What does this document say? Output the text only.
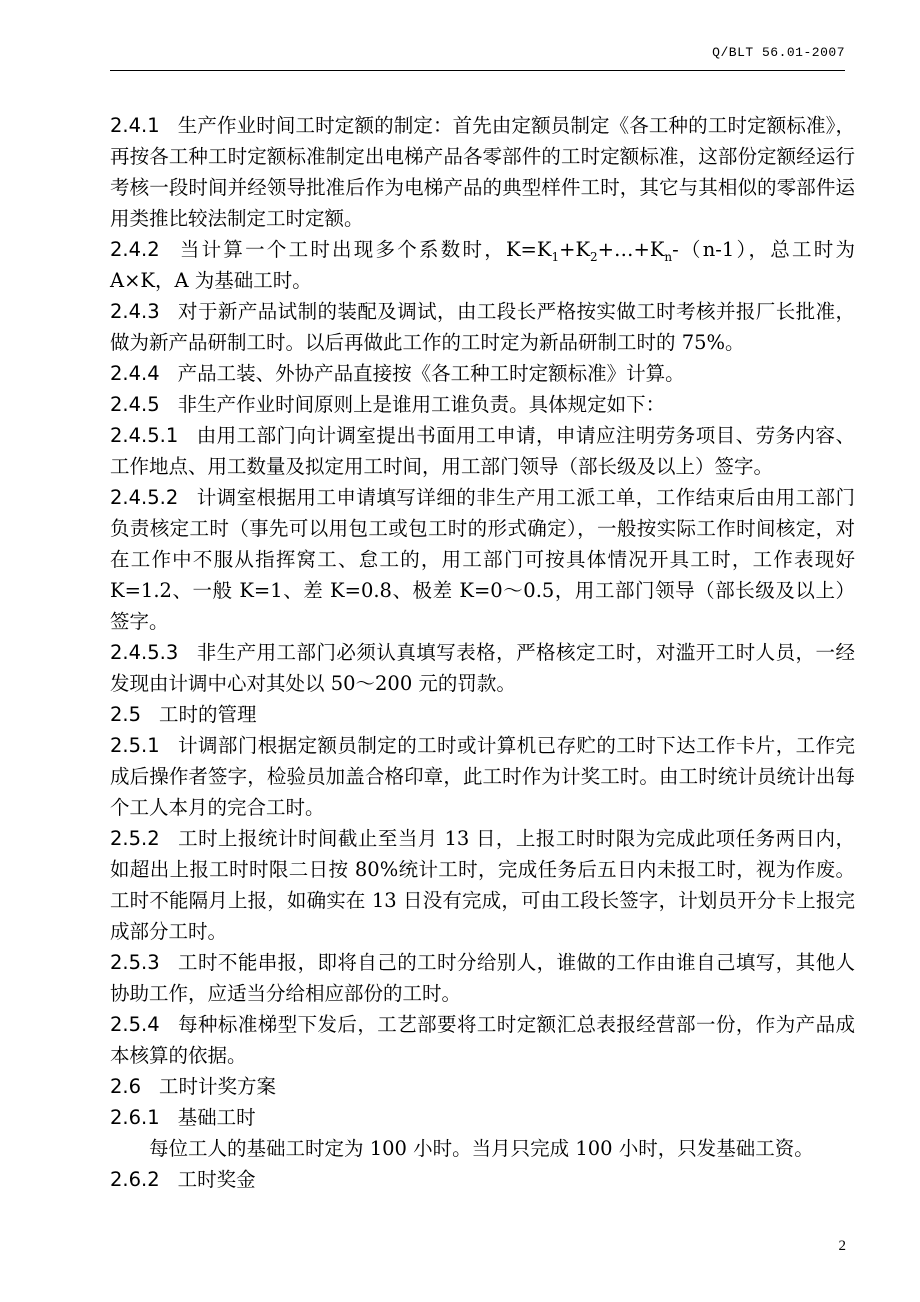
Q/BLT 56.01-2007

2.4.1 生产作业时间工时定额的制定：首先由定额员制定《各工种的工时定额标准》，再按各工种工时定额标准制定出电梯产品各零部件的工时定额标准，这部份定额经运行考核一段时间并经领导批准后作为电梯产品的典型样件工时，其它与其相似的零部件运用类推比较法制定工时定额。

2.4.2 当计算一个工时出现多个系数时，$K=K_1+K_2+\dots+K_n-(n-1)$，总工时为 A×K，A 为基础工时。

2.4.3 对于新产品试制的装配及调试，由工段长严格按实做工时考核并报厂长批准，做为新产品研制工时。以后再做此工作的工时定为新品研制工时的 75%。

2.4.4 产品工装、外协产品直接按《各工种工时定额标准》计算。

2.4.5 非生产作业时间原则上是谁用工谁负责。具体规定如下：

2.4.5.1 由用工部门向计调室提出书面用工申请，申请应注明劳务项目、劳务内容、工作地点、用工数量及拟定用工时间，用工部门领导（部长级及以上）签字。

2.4.5.2 计调室根据用工申请填写详细的非生产用工派工单，工作结束后由用工部门负责核定工时（事先可以用包工或包工时的形式确定），一般按实际工作时间核定，对在工作中不服从指挥窝工、怠工的，用工部门可按具体情况开具工时，工作表现好 K=1.2、一般 K=1、差 K=0.8、极差 K=0～0.5，用工部门领导（部长级及以上）签字。

2.4.5.3 非生产用工部门必须认真填写表格，严格核定工时，对滥开工时人员，一经发现由计调中心对其处以 50～200 元的罚款。

2.5 工时的管理

2.5.1 计调部门根据定额员制定的工时或计算机已存贮的工时下达工作卡片，工作完成后操作者签字，检验员加盖合格印章，此工时作为计奖工时。由工时统计员统计出每个工人本月的完合工时。

2.5.2 工时上报统计时间截止至当月 13 日，上报工时时限为完成此项任务两日内，如超出上报工时时限二日按 80%统计工时，完成任务后五日内未报工时，视为作废。工时不能隔月上报，如确实在 13 日没有完成，可由工段长签字，计划员开分卡上报完成部分工时。

2.5.3 工时不能串报，即将自己的工时分给别人，谁做的工作由谁自己填写，其他人协助工作，应适当分给相应部份的工时。

2.5.4 每种标准梯型下发后，工艺部要将工时定额汇总表报经营部一份，作为产品成本核算的依据。

2.6 工时计奖方案

2.6.1 基础工时

每位工人的基础工时定为 100 小时。当月只完成 100 小时，只发基础工资。

2.6.2 工时奖金

2
